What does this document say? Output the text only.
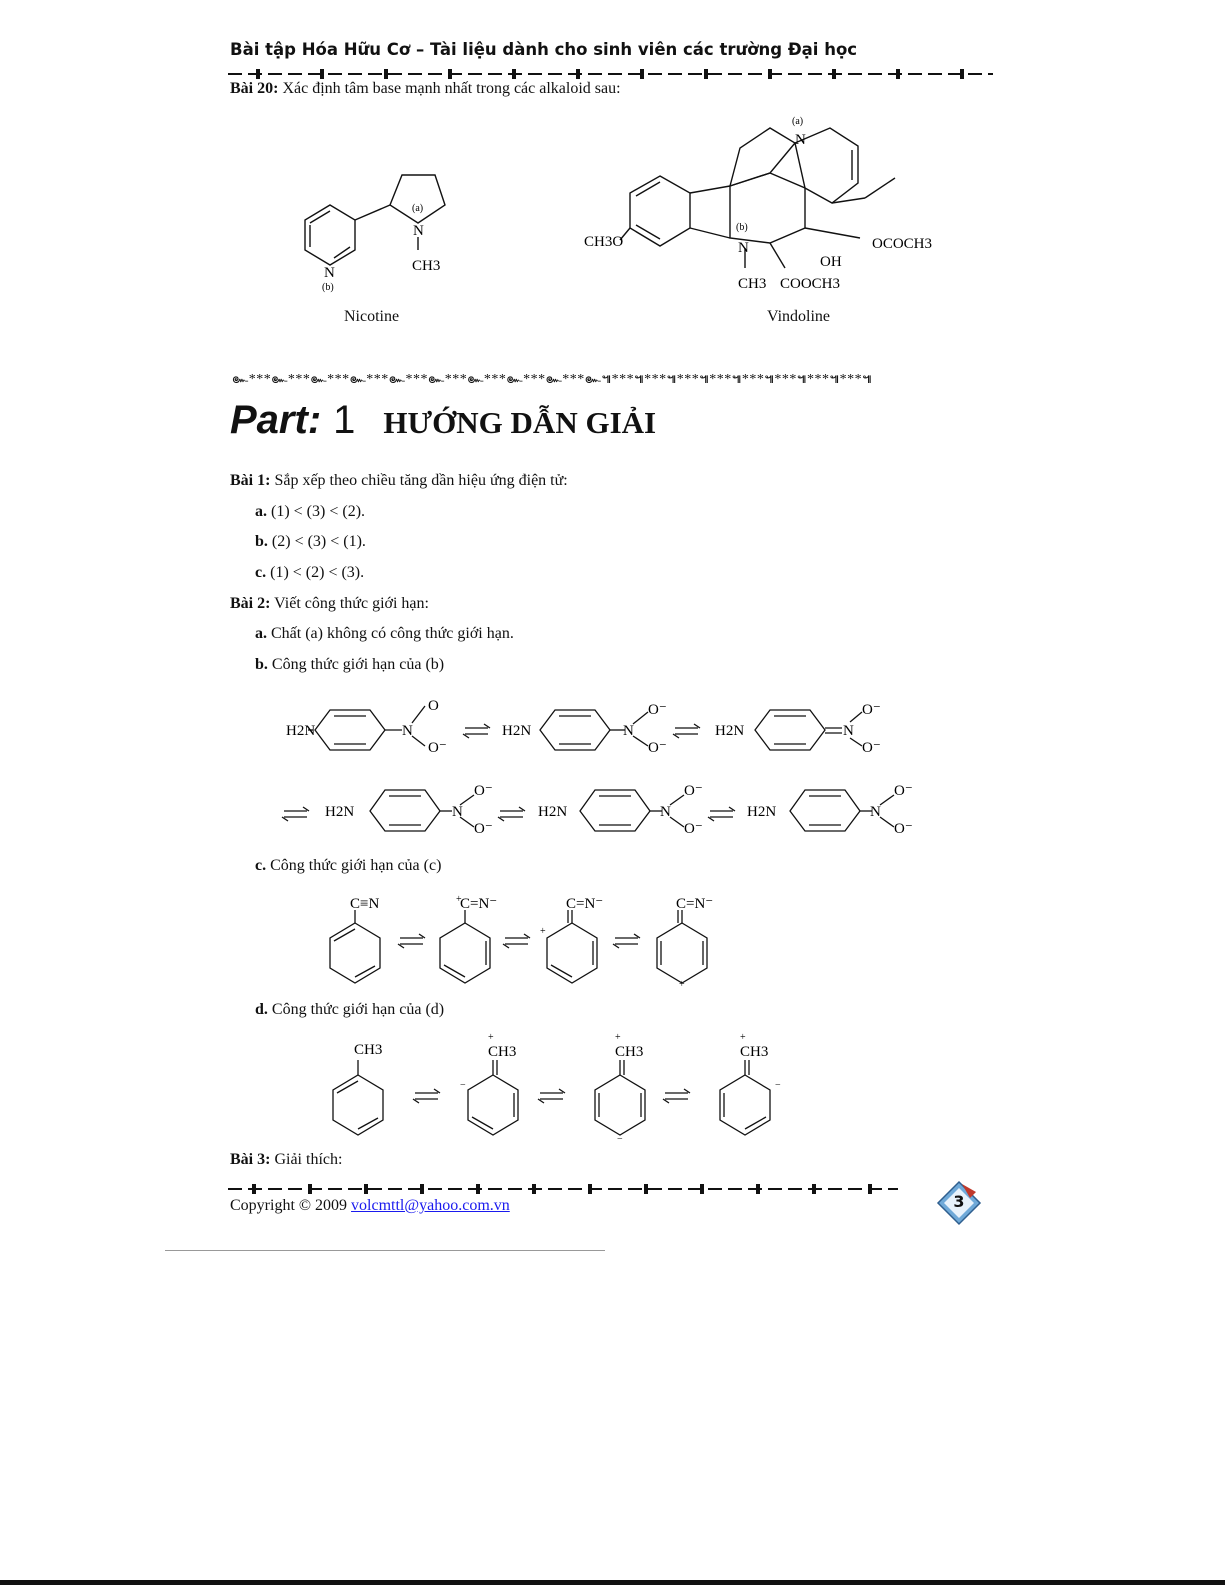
Bài tập Hóa Hữu Cơ – Tài liệu dành cho sinh viên các trường Đại học
Bài 20: Xác định tâm base mạnh nhất trong các alkaloid sau:
N
(a)
CH3
N
(b)
Nicotine
CH3O
N
(a)
N
(b)
OCOCH3
OH
CH3 COOCH3
Vindoline
๛***๛***๛***๛***๛***๛***๛***๛***๛***๛๚***๚***๚***๚***๚***๚***๚***๚***๚
Part: 1 HƯỚNG DẪN GIẢI
Bài 1: Sắp xếp theo chiều tăng dần hiệu ứng điện tử:
a. (1) < (3) < (2).
b. (2) < (3) < (1).
c. (1) < (2) < (3).
Bài 2: Viết công thức giới hạn:
a. Chất (a) không có công thức giới hạn.
b. Công thức giới hạn của (b)
H2N	N
O
O⁻
H2N	N
O⁻
O⁻
H2N	N
O⁻
O⁻
H2N	N
O⁻
O⁻
H2N	N
O⁻
O⁻
H2N	N
O⁻
O⁻
c. Công thức giới hạn của (c)
C≡N	C=N⁻	C=N⁻	C=N⁻
+
+
+
d. Công thức giới hạn của (d)
CH3	CH3	CH3	CH3
+	+	+
−
−
−
Bài 3: Giải thích:
Copyright © 2009 volcmttl@yahoo.com.vn	3
